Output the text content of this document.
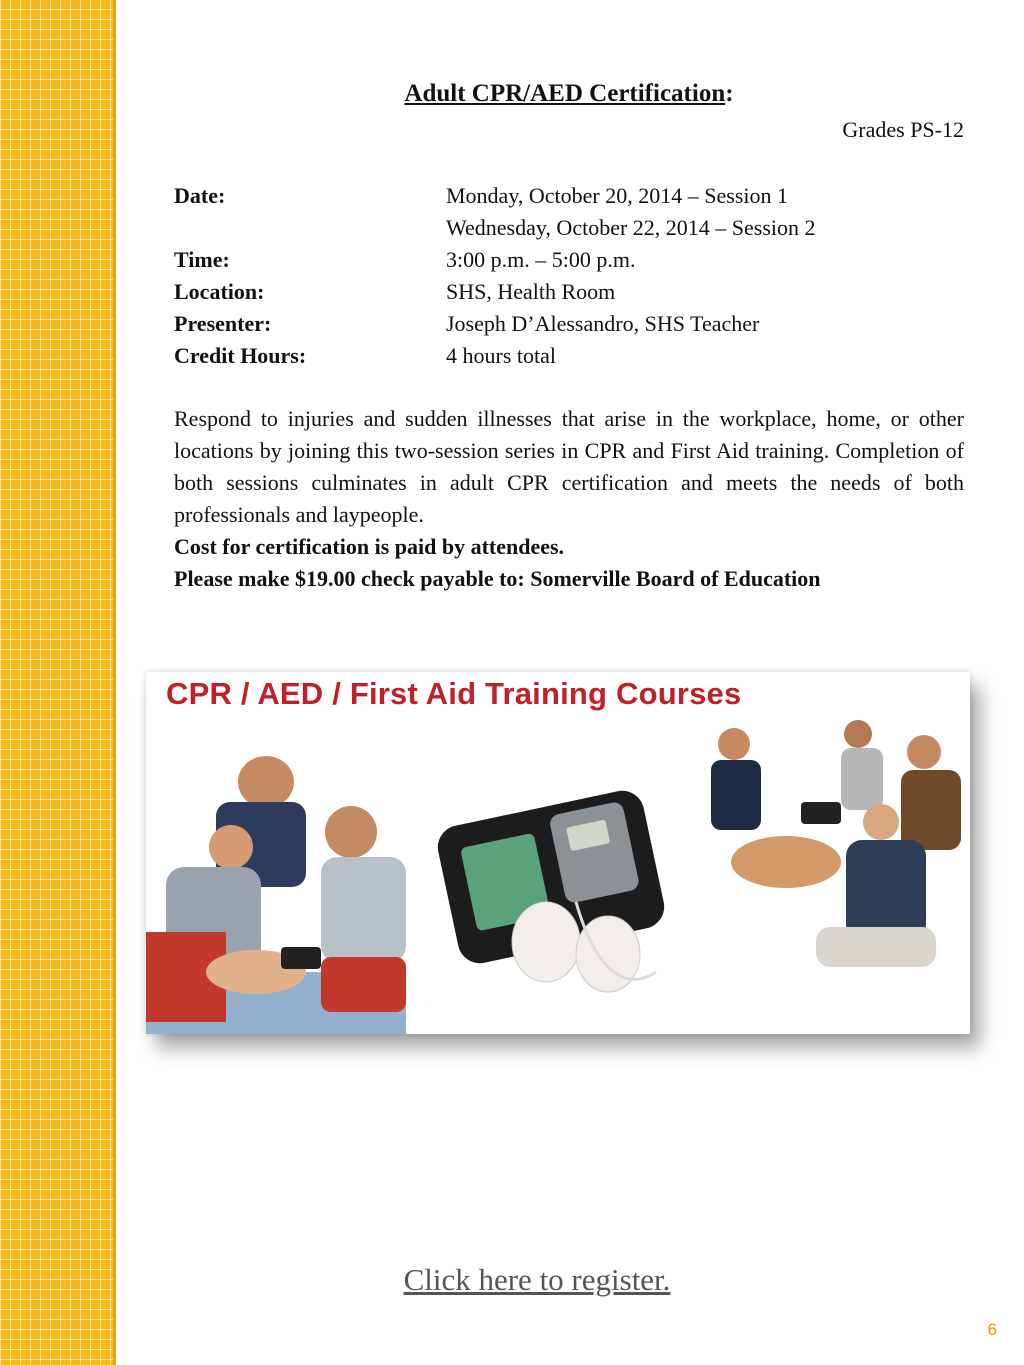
Adult CPR/AED Certification:
Grades PS-12
Date:	Monday, October 20, 2014 – Session 1
Wednesday, October 22, 2014 – Session 2
Time:	3:00 p.m. – 5:00 p.m.
Location:	SHS, Health Room
Presenter:	Joseph D’Alessandro, SHS Teacher
Credit Hours:	4 hours total
Respond to injuries and sudden illnesses that arise in the workplace, home, or other locations by joining this two-session series in CPR and First Aid training. Completion of both sessions culminates in adult CPR certification and meets the needs of both professionals and laypeople.
Cost for certification is paid by attendees.
Please make $19.00 check payable to: Somerville Board of Education
CPR / AED / First Aid Training Courses
Click here to register.
6
